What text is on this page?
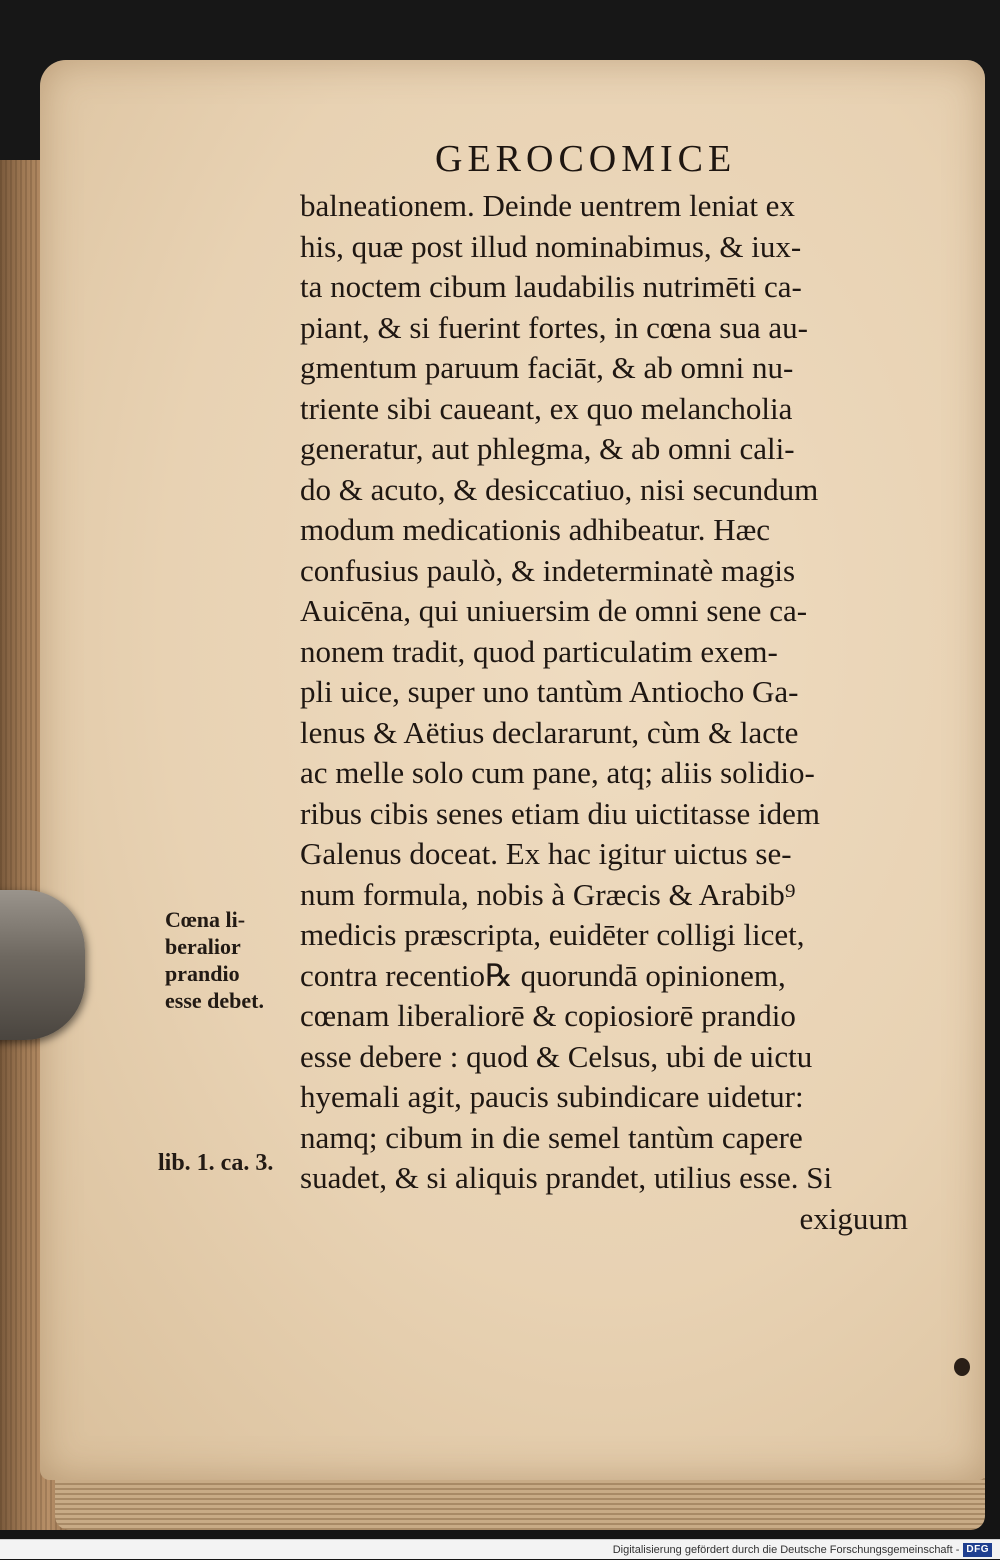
GEROCOMICE
balneationem. Deinde uentrem leniat ex
his, quæ post illud nominabimus, & iux-
ta noctem cibum laudabilis nutrimēti ca-
piant, & si fuerint fortes, in cœna sua au-
gmentum paruum faciāt, & ab omni nu-
triente sibi caueant, ex quo melancholia
generatur, aut phlegma, & ab omni cali-
do & acuto, & desiccatiuo, nisi secundum
modum medicationis adhibeatur. Hæc
confusius paulò, & indeterminatè magis
Auicēna, qui uniuersim de omni sene ca-
nonem tradit, quod particulatim exem-
pli uice, super uno tantùm Antiocho Ga-
lenus & Aëtius declararunt, cùm & lacte
ac melle solo cum pane, atq; aliis solidio-
ribus cibis senes etiam diu uictitasse idem
Galenus doceat. Ex hac igitur uictus se-
num formula, nobis à Græcis & Arabib⁹
medicis præscripta, euidēter colligi licet,
contra recentio℞ quorundā opinionem,
cœnam liberaliorē & copiosiorē prandio
esse debere : quod & Celsus, ubi de uictu
hyemali agit, paucis subindicare uidetur:
namq; cibum in die semel tantùm capere
suadet, & si aliquis prandet, utilius esse. Si
exiguum
Cœna li-
beralior
prandio
esse debet.
lib. 1. ca. 3.
Digitalisierung gefördert durch die Deutsche Forschungsgemeinschaft - DFG
